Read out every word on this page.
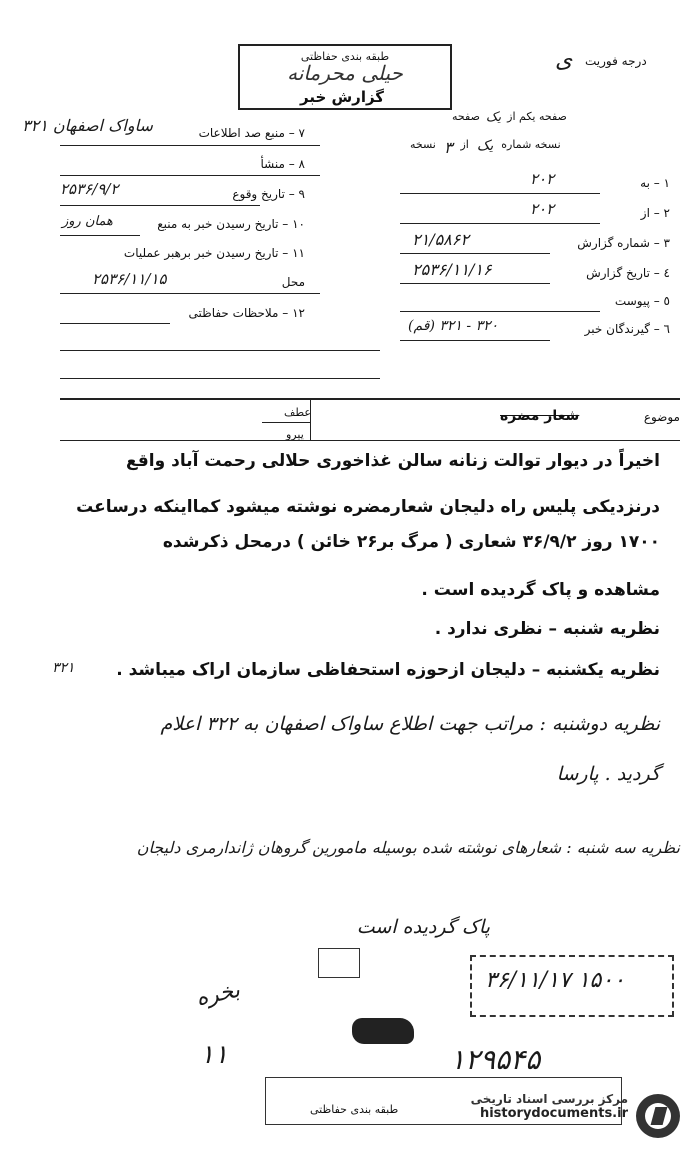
درجه فوریت
ی
طبقه بندی حفاظتی
حیلی محرمانه
گزارش خبر
صفحه یکم از
یک
صفحه
نسخه شماره
یک
از
۳
نسخه
۷ – منبع صد اطلاعات
ساواک اصفهان ۳۲۱
۸ – منشأ
۹ – تاریخ وقوع
۲۵۳۶/۹/۲
۱۰ – تاریخ رسیدن خبر به منبع
همان روز
۱۱ – تاریخ رسیدن خبر برهبر عملیات
محل
۲۵۳۶/۱۱/۱۵
۱۲ – ملاحظات حفاظتی
۱ – به
۲۰۲
۲ – از
۲۰۲
۳ – شماره گزارش
۲۱/۵۸۶۲
٤ – تاریخ گزارش
۲۵۳۶/۱۱/۱۶
٥ – پیوست
٦ – گیرندگان خبر
۳۲۰ - ۳۲۱ (قم)
موضوع
شعار مضره
عطف
پیرو
اخیراً در دیوار توالت زنانه سالن غذاخوری حلالی رحمت آباد واقع
درنزدیکی پلیس راه دلیجان شعارمضره نوشته میشود کمااینکه درساعت
۱۷۰۰ روز ۳۶/۹/۲ شعاری ( مرگ بر۲۶ خائن ) درمحل ذکرشده
مشاهده و پاک گردیده است .
نظریه شنبه – نظری ندارد .
نظریه یکشنبه – دلیجان ازحوزه استحفاظی سازمان اراک میباشد .
۳۲۱
نظریه دوشنبه : مراتب جهت اطلاع ساواک اصفهان به ۳۲۲ اعلام
گردید . پارسا
نظریه سه شنبه : شعارهای نوشته شده بوسیله مامورین گروهان ژاندارمری دلیجان
پاک گردیده است
۱۵۰۰ ۳۶/۱۱/۱۷
بخره
۱۱	۱۲۹۵۴۵
طبقه بندی حفاظتی
مرکز بررسی اسناد تاریخی
historydocuments.ir
